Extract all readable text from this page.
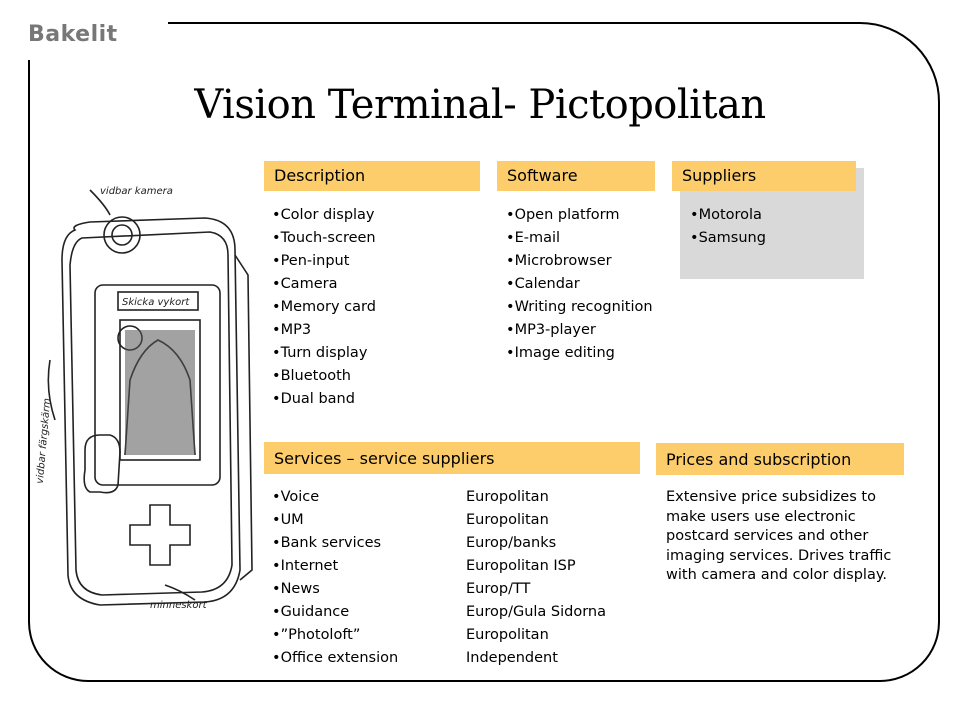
Bakelit
Vision Terminal- Pictopolitan
vidbar kamera
Skicka vykort
minneskort
vidbar färgskärm
Description
• Color display
• Touch-screen
• Pen-input
• Camera
• Memory card
• MP3
• Turn display
• Bluetooth
• Dual band
Software
• Open platform
• E-mail
• Microbrowser
• Calendar
• Writing recognition
• MP3-player
• Image editing
Suppliers
• Motorola
• Samsung
Services – service suppliers
• Voice
• UM
• Bank services
• Internet
• News
• Guidance
• ”Photoloft”
• Office extension
Europolitan
Europolitan
Europ/banks
Europolitan ISP
Europ/TT
Europ/Gula Sidorna
Europolitan
Independent
Prices and subscription
Extensive price subsidizes to make users use electronic postcard services and other imaging services. Drives traffic with camera and color display.
